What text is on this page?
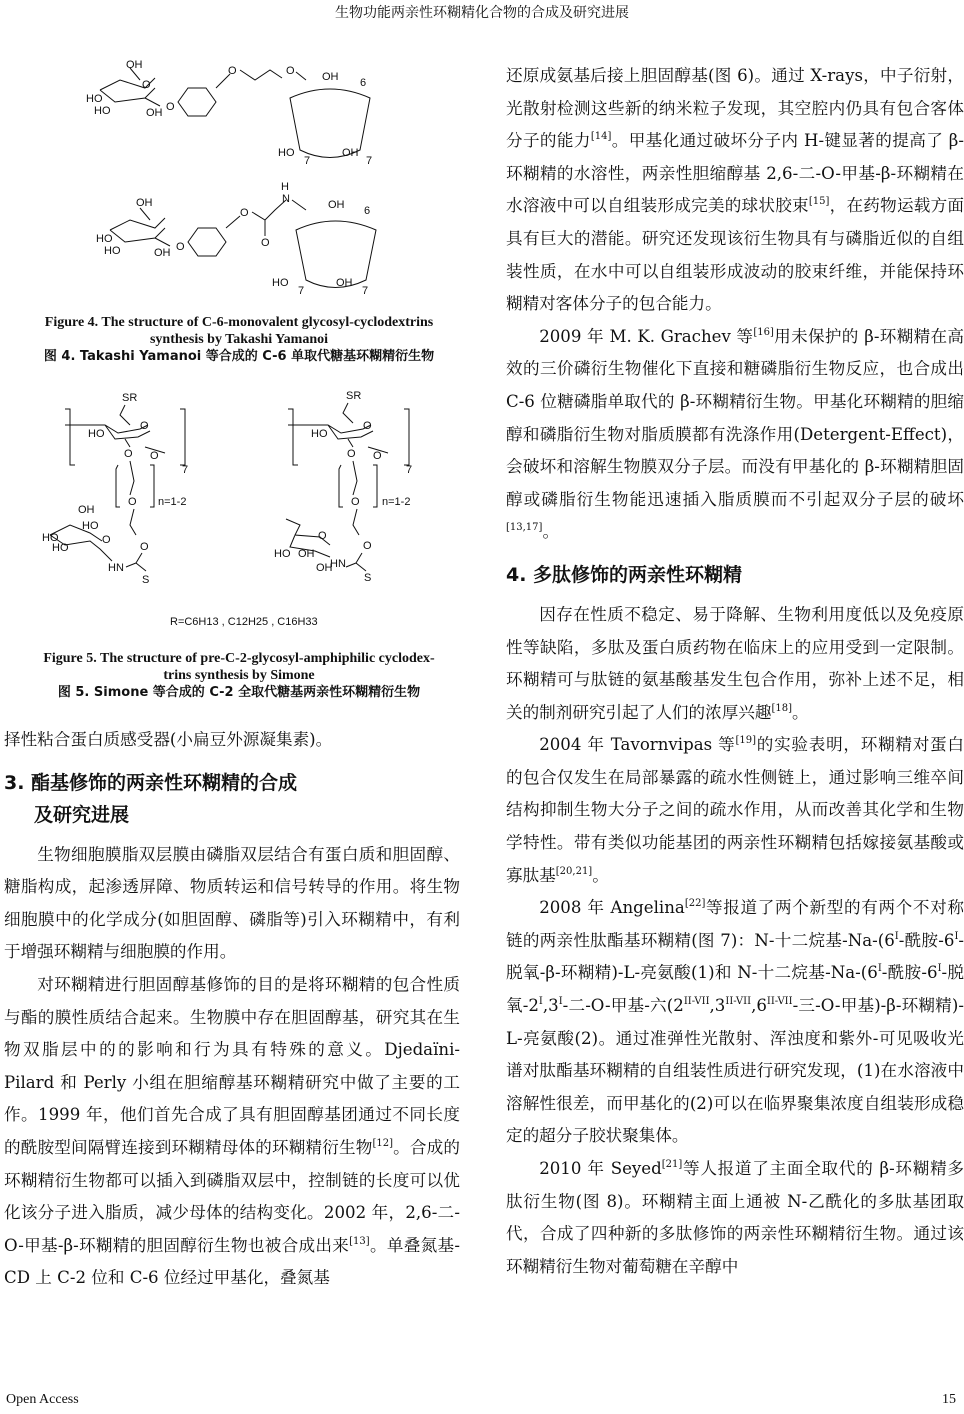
生物功能两亲性环糊精化合物的合成及研究进展
OH
HO
HO	OH
O
O
O	O OH 6
HO
7
OH
7
OH
HO
HO	OH O
O
O
H
N	OH 6
HO
7
OH
7
Figure 4. The structure of C-6-monovalent glycosyl-cyclodextrins
synthesis by Takashi Yamanoi
图 4. Takashi Yamanoi 等合成的 C-6 单取代糖基环糊精衍生物
SR
HO
O
O O
7
O n=1-2
O
OH
HO
HO
HO
O
HN
S
SR
HO
O
O O
7
O n=1-2
O
O
HO OH
OH
HN
S
R=C6H13 , C12H25 , C16H33
Figure 5. The structure of pre-C-2-glycosyl-amphiphilic cyclodex-
trins synthesis by Simone
图 5. Simone 等合成的 C-2 全取代糖基两亲性环糊精衍生物

择性粘合蛋白质感受器(小扁豆外源凝集素)。

3. 酯基修饰的两亲性环糊精的合成

及研究进展

生物细胞膜脂双层膜由磷脂双层结合有蛋白质和胆固醇、糖脂构成，起渗透屏障、物质转运和信号转导的作用。将生物细胞膜中的化学成分(如胆固醇、磷脂等)引入环糊精中，有利于增强环糊精与细胞膜的作用。

对环糊精进行胆固醇基修饰的目的是将环糊精的包合性质与酯的膜性质结合起来。生物膜中存在胆固醇基，研究其在生物双脂层中的的影响和行为具有特殊的意义。Djedaïni-Pilard 和 Perly 小组在胆缩醇基环糊精研究中做了主要的工作。1999 年，他们首先合成了具有胆固醇基团通过不同长度的酰胺型间隔臂连接到环糊精母体的环糊精衍生物[12]。合成的环糊精衍生物都可以插入到磷脂双层中，控制链的长度可以优化该分子进入脂质，减少母体的结构变化。2002 年，2,6-二-O-甲基-β-环糊精的胆固醇衍生物也被合成出来[13]。单叠氮基-CD 上 C-2 位和 C-6 位经过甲基化，叠氮基

还原成氨基后接上胆固醇基(图 6)。通过 X-rays，中子衍射，光散射检测这些新的纳米粒子发现，其空腔内仍具有包合客体分子的能力[14]。甲基化通过破坏分子内 H-键显著的提高了 β-环糊精的水溶性，两亲性胆缩醇基 2,6-二-O-甲基-β-环糊精在水溶液中可以自组装形成完美的球状胶束[15]，在药物运载方面具有巨大的潜能。研究还发现该衍生物具有与磷脂近似的自组装性质，在水中可以自组装形成波动的胶束纤维，并能保持环糊精对客体分子的包合能力。

2009 年 M. K. Grachev 等[16]用未保护的 β-环糊精在高效的三价磷衍生物催化下直接和糖磷脂衍生物反应，也合成出 C-6 位糖磷脂单取代的 β-环糊精衍生物。甲基化环糊精的胆缩醇和磷脂衍生物对脂质膜都有洗涤作用(Detergent-Effect)，会破坏和溶解生物膜双分子层。而没有甲基化的 β-环糊精胆固醇或磷脂衍生物能迅速插入脂质膜而不引起双分子层的破坏[13,17]。

4. 多肽修饰的两亲性环糊精

因存在性质不稳定、易于降解、生物利用度低以及免疫原性等缺陷，多肽及蛋白质药物在临床上的应用受到一定限制。环糊精可与肽链的氨基酸基发生包合作用，弥补上述不足，相关的制剂研究引起了人们的浓厚兴趣[18]。

2004 年 Tavornvipas 等[19]的实验表明，环糊精对蛋白的包合仅发生在局部暴露的疏水性侧链上，通过影响三维卒间结构抑制生物大分子之间的疏水作用，从而改善其化学和生物学特性。带有类似功能基团的两亲性环糊精包括嫁接氨基酸或寡肽基[20,21]。

2008 年 Angelina[22]等报道了两个新型的有两个不对称链的两亲性肽酯基环糊精(图 7)：N-十二烷基$-Na-(6^I-$酰胺$-6^I-$脱氧-β-环糊精)-L-亮氨酸(1)和 N-十二烷基$-Na-(6^I-$酰胺$-6^I-$脱氧$-2^I,3^I-$二-O-甲基-六($2^{II-VII},3^{II-VII},6^{II-VII}-$三-O-甲基)-β-环糊精)-L-亮氨酸(2)。通过准弹性光散射、浑浊度和紫外-可见吸收光谱对肽酯基环糊精的自组装性质进行研究发现，(1)在水溶液中溶解性很差，而甲基化的(2)可以在临界聚集浓度自组装形成稳定的超分子胶状聚集体。

2010 年 Seyed[21]等人报道了主面全取代的 β-环糊精多肽衍生物(图 8)。环糊精主面上通被 N-乙酰化的多肽基团取代，合成了四种新的多肽修饰的两亲性环糊精衍生物。通过该环糊精衍生物对葡萄糖在辛醇中

Open Access	15
